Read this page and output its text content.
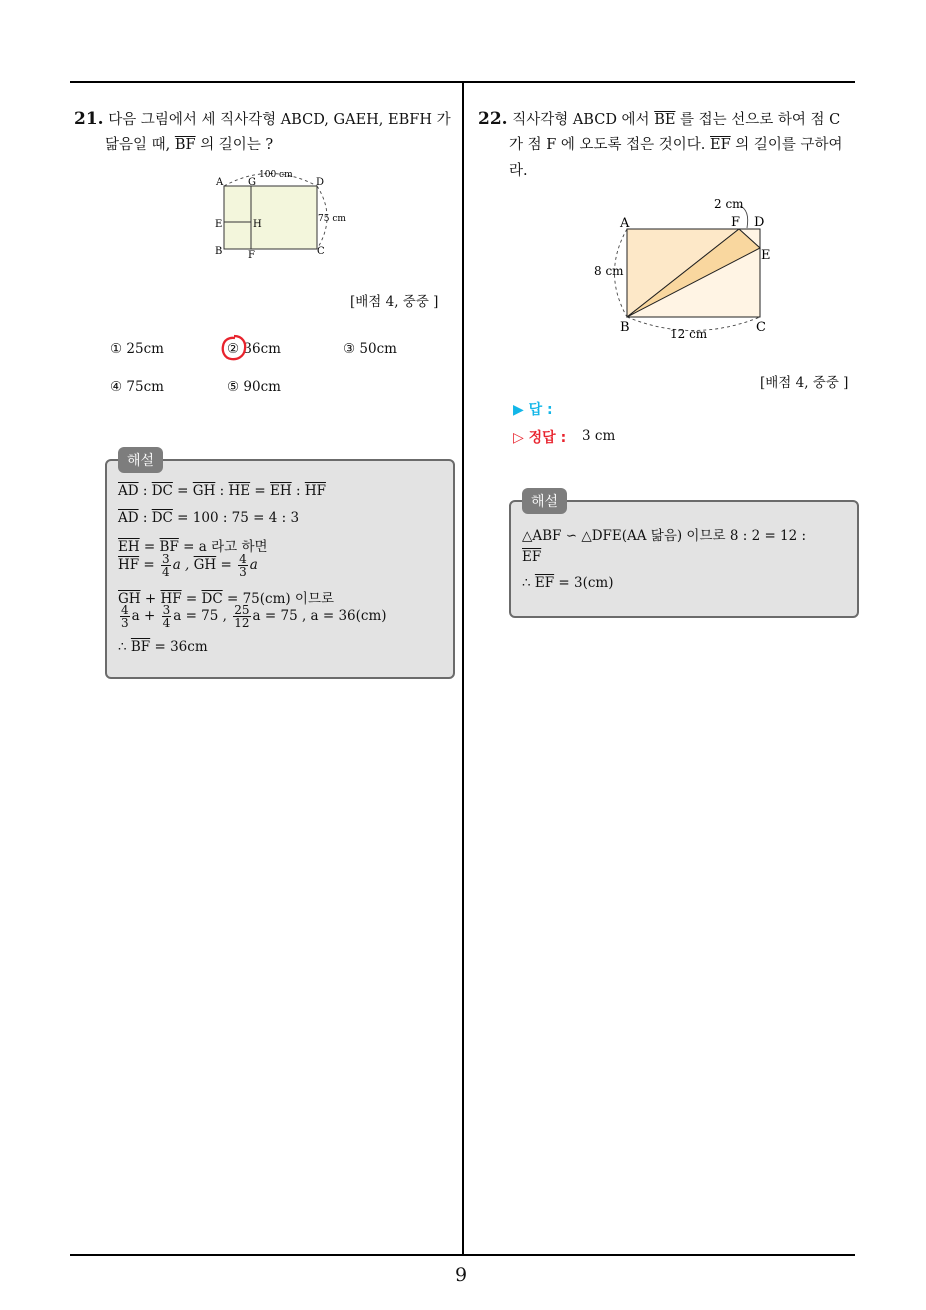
9
21. 다음 그림에서 세 직사각형 ABCD, GAEH, EBFH 가
닮음일 때, $\overline{BF}$ 의 길이는 ?
A G	D
E	H
B	F	C
100 cm
75 cm
[배점 4, 중중 ]
① 25cm	② 36cm	③ 50cm
④ 75cm	⑤ 90cm
해설
$\overline{AD}$ : $\overline{DC} = \overline{GH}$ : $\overline{HE} = \overline{EH}$ : $\overline{HF}$
$\overline{AD}$ : $\overline{DC} = 100$ : 75 = 4 : 3
$\overline{EH} = \overline{BF} = a$ 라고 하면
$\overline{HF} = \frac{3}{4}$ a , $\overline{GH} = \frac{4}{3}$ a
$\overline{GH} + \overline{HF} = \overline{DC} = 75(cm)$ 이므로
$\frac{4}{3}$ $a + \frac{3}{4}$ a = 75 , $\frac{25}{12}$ a = 75 , a = 36(cm)
∴ $\overline{BF} = 36cm$
22. 직사각형 ABCD 에서 $\overline{BE}$ 를 접는 선으로 하여 점 C
가 점 F 에 오도록 접은 것이다. $\overline{EF}$ 의 길이를 구하여
라.
A	F D
E
B	C
2 cm
8 cm
12 cm
[배점 4, 중중 ]
▶ 답 :
▷ 정답 : 3 cm
해설
△ABF ∽ △DFE(AA 닮음) 이므로 8 : 2 = 12 :
$\overline{EF}$
∴ $\overline{EF} = 3(cm)$
